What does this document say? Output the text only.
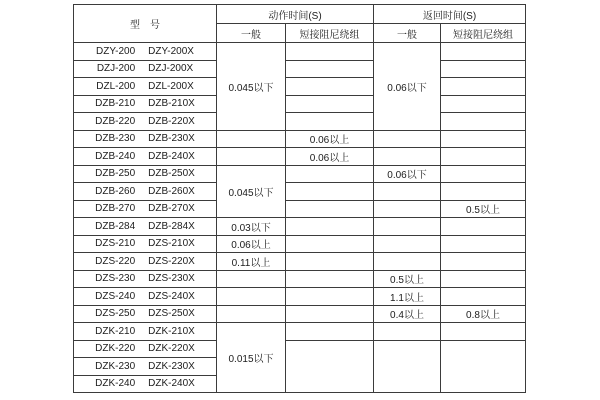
型　号	动作时间(S)		返回时间(S)	
	一般	短接阻尼绕组	一般	短接阻尼绕组
DZY-200 DZY-200X	0.045以下		0.06以下	
DZJ-200 DZJ-200X				
DZL-200 DZL-200X				
DZB-210 DZB-210X				
DZB-220 DZB-220X				
DZB-230 DZB-230X		0.06以上		
DZB-240 DZB-240X		0.06以上		
DZB-250 DZB-250X	0.045以下		0.06以下	
DZB-260 DZB-260X				
DZB-270 DZB-270X				0.5以上
DZB-284 DZB-284X	0.03以下			
DZS-210 DZS-210X	0.06以上			
DZS-220 DZS-220X	0.11以上			
DZS-230 DZS-230X			0.5以上	
DZS-240 DZS-240X			1.1以上	
DZS-250 DZS-250X			0.4以上	0.8以上
DZK-210 DZK-210X	0.015以下			
DZK-220 DZK-220X				
DZK-230 DZK-230X				
DZK-240 DZK-240X				
